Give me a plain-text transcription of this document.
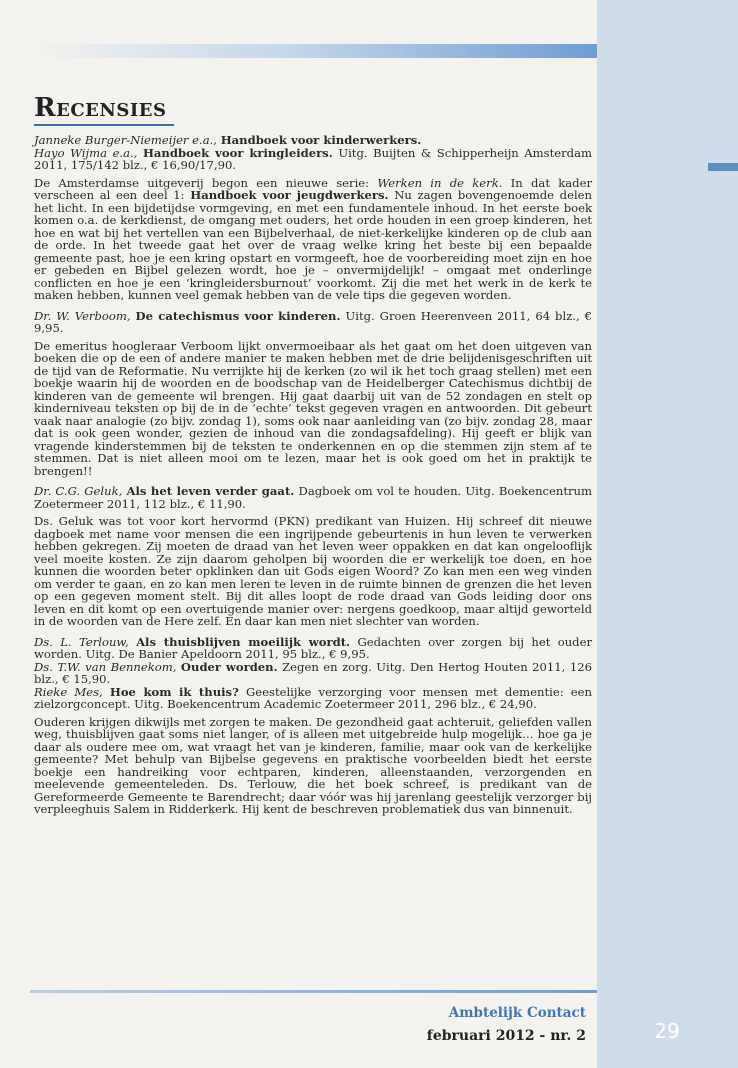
Recensies

Janneke Burger-Niemeijer e.a., Handboek voor kinderwerkers.
Hayo Wijma e.a., Handboek voor kringleiders. Uitg. Buijten & Schipperheijn Amsterdam 2011, 175/142 blz., € 16,90/17,90.

De Amsterdamse uitgeverij begon een nieuwe serie: Werken in de kerk. In dat kader verscheen al een deel 1: Handboek voor jeugdwerkers. Nu zagen bovengenoemde delen het licht. In een bijdetijdse vormgeving, en met een fundamentele inhoud. In het eerste boek komen o.a. de kerkdienst, de omgang met ouders, het orde houden in een groep kinderen, het hoe en wat bij het vertellen van een Bijbelverhaal, de niet-kerkelijke kinderen op de club aan de orde. In het tweede gaat het over de vraag welke kring het beste bij een bepaalde gemeente past, hoe je een kring opstart en vormgeeft, hoe de voorbereiding moet zijn en hoe er gebeden en Bijbel gelezen wordt, hoe je – onvermijdelijk! – omgaat met onderlinge conflicten en hoe je een ‘kringleidersburnout’ voorkomt. Zij die met het werk in de kerk te maken hebben, kunnen veel gemak hebben van de vele tips die gegeven worden.

Dr. W. Verboom, De catechismus voor kinderen. Uitg. Groen Heerenveen 2011, 64 blz., € 9,95.

De emeritus hoogleraar Verboom lijkt onvermoeibaar als het gaat om het doen uitgeven van boeken die op de een of andere manier te maken hebben met de drie belijdenisgeschriften uit de tijd van de Reformatie. Nu verrijkte hij de kerken (zo wil ik het toch graag stellen) met een boekje waarin hij de woorden en de boodschap van de Heidelberger Catechismus dichtbij de kinderen van de gemeente wil brengen. Hij gaat daarbij uit van de 52 zondagen en stelt op kinderniveau teksten op bij de in de ‘echte’ tekst gegeven vragen en antwoorden. Dit gebeurt vaak naar analogie (zo bijv. zondag 1), soms ook naar aanleiding van (zo bijv. zondag 28, maar dat is ook geen wonder, gezien de inhoud van die zondagsafdeling). Hij geeft er blijk van vragende kinderstemmen bij de teksten te onderkennen en op die stemmen zijn stem af te stemmen. Dat is niet alleen mooi om te lezen, maar het is ook goed om het in praktijk te brengen!!

Dr. C.G. Geluk, Als het leven verder gaat. Dagboek om vol te houden. Uitg. Boekencentrum Zoetermeer 2011, 112 blz., € 11,90.

Ds. Geluk was tot voor kort hervormd (PKN) predikant van Huizen. Hij schreef dit nieuwe dagboek met name voor mensen die een ingrijpende gebeurtenis in hun leven te verwerken hebben gekregen. Zij moeten de draad van het leven weer oppakken en dat kan ongelooflijk veel moeite kosten. Ze zijn daarom geholpen bij woorden die er werkelijk toe doen, en hoe kunnen die woorden beter opklinken dan uit Gods eigen Woord? Zo kan men een weg vinden om verder te gaan, en zo kan men leren te leven in de ruimte binnen de grenzen die het leven op een gegeven moment stelt. Bij dit alles loopt de rode draad van Gods leiding door ons leven en dit komt op een overtuigende manier over: nergens goedkoop, maar altijd geworteld in de woorden van de Here zelf. En daar kan men niet slechter van worden.

Ds. L. Terlouw, Als thuisblijven moeilijk wordt. Gedachten over zorgen bij het ouder worden. Uitg. De Banier Apeldoorn 2011, 95 blz., € 9,95.
Ds. T.W. van Bennekom, Ouder worden. Zegen en zorg. Uitg. Den Hertog Houten 2011, 126 blz., € 15,90.
Rieke Mes, Hoe kom ik thuis? Geestelijke verzorging voor mensen met dementie: een zielzorgconcept. Uitg. Boekencentrum Academic Zoetermeer 2011, 296 blz., € 24,90.

Ouderen krijgen dikwijls met zorgen te maken. De gezondheid gaat achteruit, geliefden vallen weg, thuisblijven gaat soms niet langer, of is alleen met uitgebreide hulp mogelijk… hoe ga je daar als oudere mee om, wat vraagt het van je kinderen, familie, maar ook van de kerkelijke gemeente? Met behulp van Bijbelse gegevens en praktische voorbeelden biedt het eerste boekje een handreiking voor echtparen, kinderen, alleenstaanden, verzorgenden en meelevende gemeenteleden. Ds. Terlouw, die het boek schreef, is predikant van de Gereformeerde Gemeente te Barendrecht; daar vóór was hij jarenlang geestelijk verzorger bij verpleeghuis Salem in Ridderkerk. Hij kent de beschreven problematiek dus van binnenuit.

Ambtelijk Contact
februari 2012 - nr. 2	29
